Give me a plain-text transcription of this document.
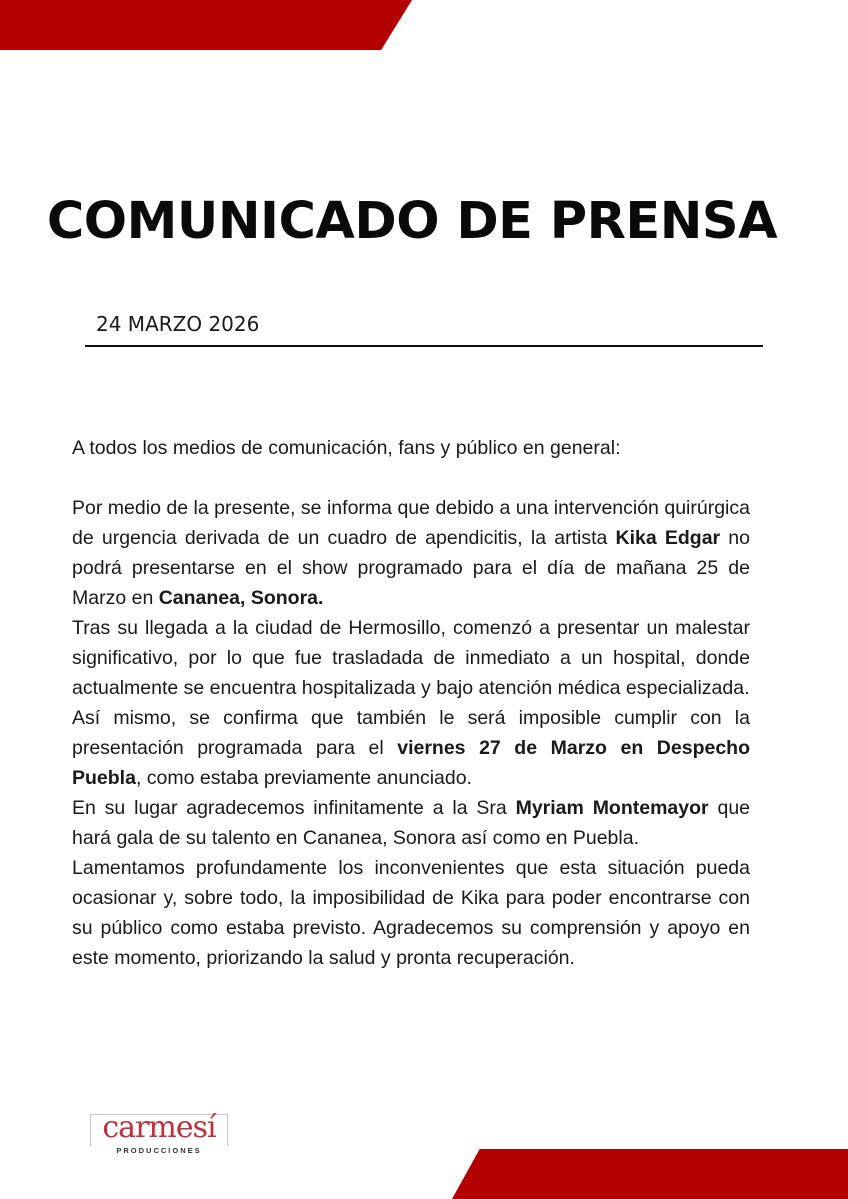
COMUNICADO DE PRENSA
24 MARZO 2026

A todos los medios de comunicación, fans y público en general:

Por medio de la presente, se informa que debido a una intervención quirúrgica de urgencia derivada de un cuadro de apendicitis, la artista Kika Edgar no podrá presentarse en el show programado para el día de mañana 25 de Marzo en Cananea, Sonora.

Tras su llegada a la ciudad de Hermosillo, comenzó a presentar un malestar significativo, por lo que fue trasladada de inmediato a un hospital, donde actualmente se encuentra hospitalizada y bajo atención médica especializada.

Así mismo, se confirma que también le será imposible cumplir con la presentación programada para el viernes 27 de Marzo en Despecho Puebla, como estaba previamente anunciado.

En su lugar agradecemos infinitamente a la Sra Myriam Montemayor que hará gala de su talento en Cananea, Sonora así como en Puebla.

Lamentamos profundamente los inconvenientes que esta situación pueda ocasionar y, sobre todo, la imposibilidad de Kika para poder encontrarse con su público como estaba previsto. Agradecemos su comprensión y apoyo en este momento, priorizando la salud y pronta recuperación.

carmesí
PRODUCCIONES
